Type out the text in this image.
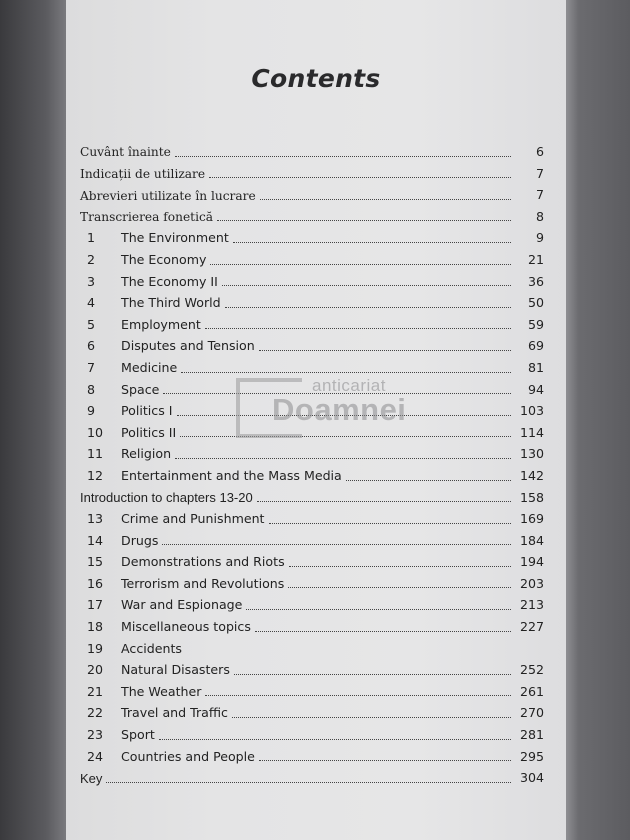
Contents
Cuvânt înainte	6
Indicații de utilizare	7
Abrevieri utilizate în lucrare	7
Transcrierea fonetică	8
1	The Environment	9
2	The Economy	21
3	The Economy II	36
4	The Third World	50
5	Employment	59
6	Disputes and Tension	69
7	Medicine	81
8	Space	94
9	Politics I	103
10	Politics II	114
11	Religion	130
12	Entertainment and the Mass Media	142
Introduction to chapters 13-20	158
13	Crime and Punishment	169
14	Drugs	184
15	Demonstrations and Riots	194
16	Terrorism and Revolutions	203
17	War and Espionage	213
18	Miscellaneous topics	227
19	Accidents
20	Natural Disasters	252
21	The Weather	261
22	Travel and Traffic	270
23	Sport	281
24	Countries and People	295
Key	304
anticariat
Doamnei
